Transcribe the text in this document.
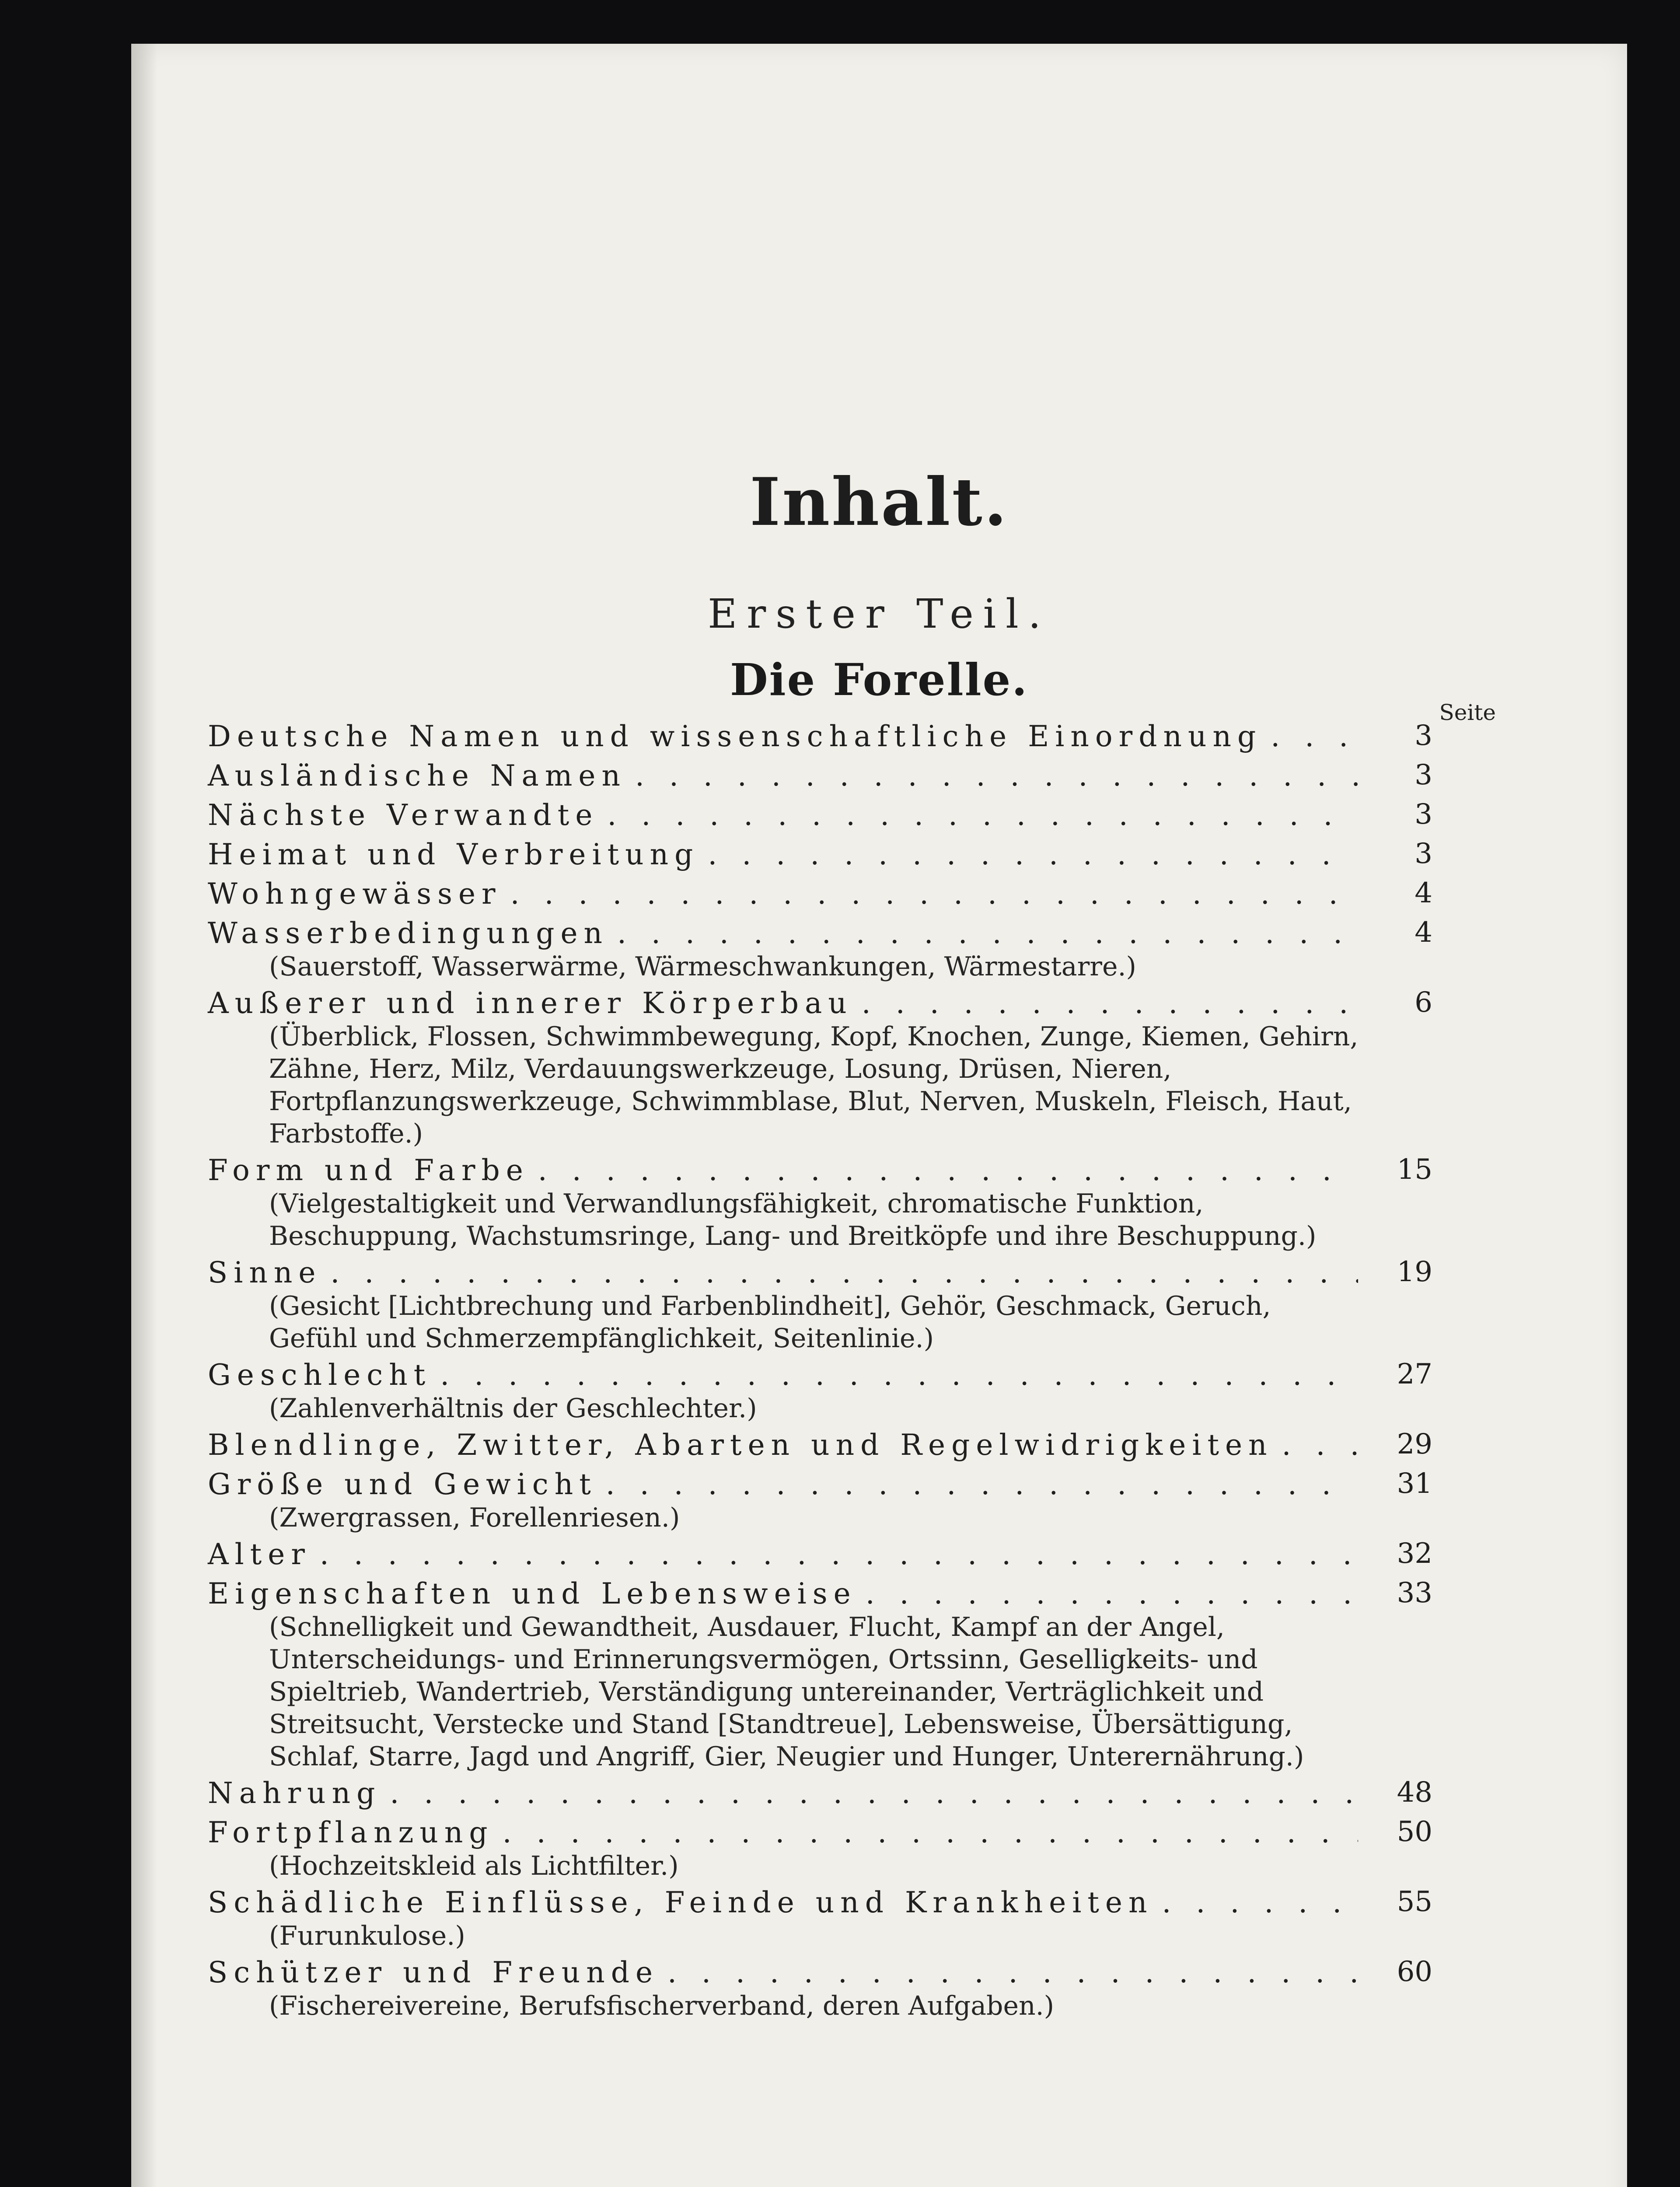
Inhalt.
Erster Teil.
Die Forelle.
Seite
Deutsche Namen und wissenschaftliche Einordnung . . .	3
Ausländische Namen . . .	3
Nächste Verwandte . . .	3
Heimat und Verbreitung . . .	3
Wohngewässer . . .	4
Wasserbedingungen . . .	4
(Sauerstoff, Wasserwärme, Wärmeschwankungen, Wärmestarre.)
Außerer und innerer Körperbau . . .	6
(Überblick, Flossen, Schwimmbewegung, Kopf, Knochen, Zunge, Kiemen, Gehirn, Zähne, Herz, Milz, Verdauungswerkzeuge, Losung, Drüsen, Nieren, Fortpflanzungswerkzeuge, Schwimmblase, Blut, Nerven, Muskeln, Fleisch, Haut, Farbstoffe.)
Form und Farbe . . .	15
(Vielgestaltigkeit und Verwandlungsfähigkeit, chromatische Funktion, Beschuppung, Wachstumsringe, Lang- und Breitköpfe und ihre Beschuppung.)
Sinne . . .	19
(Gesicht [Lichtbrechung und Farbenblindheit], Gehör, Geschmack, Geruch, Gefühl und Schmerzempfänglichkeit, Seitenlinie.)
Geschlecht . . .	27
(Zahlenverhältnis der Geschlechter.)
Blendlinge, Zwitter, Abarten und Regelwidrigkeiten . . .	29
Größe und Gewicht . . .	31
(Zwergrassen, Forellenriesen.)
Alter . . .	32
Eigenschaften und Lebensweise . . .	33
(Schnelligkeit und Gewandtheit, Ausdauer, Flucht, Kampf an der Angel, Unterscheidungs- und Erinnerungsvermögen, Ortssinn, Geselligkeits- und Spieltrieb, Wandertrieb, Verständigung untereinander, Verträglichkeit und Streitsucht, Verstecke und Stand [Standtreue], Lebensweise, Übersättigung, Schlaf, Starre, Jagd und Angriff, Gier, Neugier und Hunger, Unterernährung.)
Nahrung . . .	48
Fortpflanzung . . .	50
(Hochzeitskleid als Lichtfilter.)
Schädliche Einflüsse, Feinde und Krankheiten . . .	55
(Furunkulose.)
Schützer und Freunde . . .	60
(Fischereivereine, Berufsfischerverband, deren Aufgaben.)
